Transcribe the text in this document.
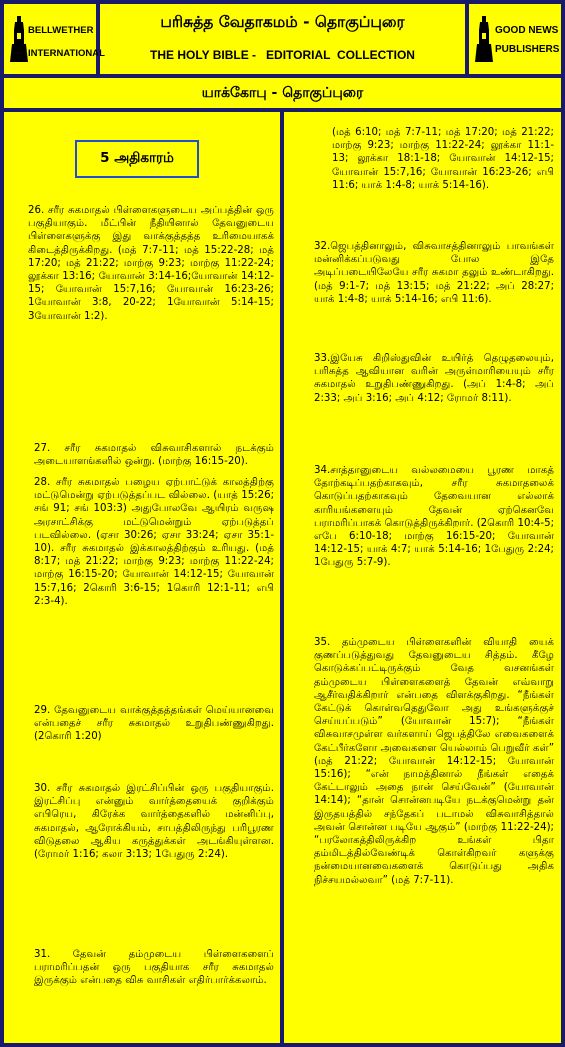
BELLWETHER
INTERNATIONAL
பரிசுத்த வேதாகமம் - தொகுப்புரை
THE HOLY BIBLE -   EDITORIAL  COLLECTION
GOOD NEWS
PUBLISHERS
யாக்கோபு - தொகுப்புரை
5 அதிகாரம்
26. சரீர சுகமாதல் பிள்ளைகளுடைய அப்பத்தின் ஒரு பகுதியாகும். மீட்பின் நீதியினால் தேவனுடைய பிள்ளைகளுக்கு இது வாக்குத்தத்த உரிமையாகக் கிடைத்திருக்கிறது. (மத் 7:7-11; மத் 15:22-28; மத் 17:20; மத் 21:22; மாற்கு 9:23; மாற்கு 11:22-24; லூக்கா 13:16; யோவான் 3:14-16;யோவான் 14:12-15; யோவான் 15:7,16; யோவான் 16:23-26; 1யோவான் 3:8, 20-22; 1யோவான் 5:14-15; 3யோவான் 1:2).
27. சரீர சுகமாதல் விசுவாசிகளால் நடக்கும் அடையாளங்களில் ஒன்று. (மாற்கு 16:15-20).
28. சரீர சுகமாதல் பழைய ஏற்பாட்டுக் காலத்திற்கு மட்டுமென்று ஏற்படுத்தப்பட வில்லை. (யாத் 15:26; சங் 91; சங் 103:3) அதுபோலவே ஆயிரம் வருஷ அரசாட்சிக்கு மட்டுமென்றும் ஏற்படுத்தப் படவில்லை. (ஏசா 30:26; ஏசா 33:24; ஏசா 35:1-10). சரீர சுகமாதல் இக்காலத்திற்கும் உரியது. (மத் 8:17; மத் 21:22; மாற்கு 9:23; மாற்கு 11:22-24; மாற்கு 16:15-20; யோவான் 14:12-15; யோவான் 15:7,16; 2கொரி 3:6-15; 1கொரி 12:1-11; எபி 2:3-4).
29. தேவனுடைய வாக்குத்தத்தங்கள் மெய்யானவை என்பதைச் சரீர சுகமாதல் உறுதிபண்ணுகிறது. (2கொரி 1:20)
30. சரீர சுகமாதல் இரட்சிப்பின் ஒரு பகுதியாகும். இரட்சிப்பு என்னும் வார்த்தையைக் குறிக்கும் எபிரெய, கிரேக்க வார்த்தைகளில் மன்னிப்பு, சுகமாதல், ஆரோக்கியம், சாபத்திலிருந்து பரிபூரண விடுதலை ஆகிய கருத்துக்கள் அடங்கியுள்ளன. (ரோமர் 1:16; கலா 3:13; 1பேதுரு 2:24).
31. தேவன் தம்முடைய பிள்ளைகளைப் பராமரிப்பதன் ஒரு பகுதியாக சரீர சுகமாதல் இருக்கும் என்பதை விசு வாசிகள் எதிர்பார்க்கலாம்.
(மத் 6:10; மத் 7:7-11; மத் 17:20; மத் 21:22; மாற்கு 9:23; மாற்கு 11:22-24; லூக்கா 11:1-13; லூக்கா 18:1-18; யோவான் 14:12-15; யோவான் 15:7,16; யோவான் 16:23-26; எபி 11:6; யாக் 1:4-8; யாக் 5:14-16).
32.ஜெபத்தினாலும், விசுவாசத்தினாலும் பாவங்கள் மன்னிக்கப்படுவது போல இதே அடிப்படையிலேயே சரீர சுகமா தலும் உண்டாகிறது. (மத் 9:1-7; மத் 13:15; மத் 21:22; அப் 28:27; யாக் 1:4-8; யாக் 5:14-16; எபி 11:6).
33.இயேசு கிறிஸ்துவின் உயிர்த் தெழுதலையும், பரிசுத்த ஆவியான வரின் அருள்மாரியையும் சரீர சுகமாதல் உறுதிபண்ணுகிறது. (அப் 1:4-8; அப் 2:33; அப் 3:16; அப் 4:12; ரோமர் 8:11).
34.சாத்தானுடைய வல்லமையை பூரண மாகத் தோற்கடிப்பதற்காகவும், சரீர சுகமாதலைக் கொடுப்பதற்காகவும் தேவையான எல்லாக் காரியங்களையும் தேவன் ஏற்கெனவே பராமரிப்பாகக் கொடுத்திருக்கிறார். (2கொரி 10:4-5; எபே 6:10-18; மாற்கு 16:15-20; யோவான் 14:12-15; யாக் 4:7; யாக் 5:14-16; 1பேதுரு 2:24; 1பேதுரு 5:7-9).
35. தம்முடைய பிள்ளைகளின் வியாதி யைக் குணப்படுத்துவது தேவனுடைய சித்தம். கீழே கொடுக்கப்பட்டிருக்கும் வேத வசனங்கள் தம்முடைய பிள்ளைகளைத் தேவன் எவ்வாறு ஆசீர்வதிக்கிறார் என்பதை விளக்குகிறது. “நீங்கள் கேட்டுக் கொள்வதெதுவோ அது உங்களுக்குச் செய்யப்படும்” (யோவான் 15:7); “நீங்கள் விசுவாசமுள்ள வர்களாய் ஜெபத்திலே எவைகளைக் கேட்பீர்களோ அவைகளை யெல்லாம் பெறுவீர் கள்” (மத் 21:22; யோவான் 14:12-15; யோவான் 15:16); “என் நாமத்தினால் நீங்கள் எதைக் கேட்டாலும் அதை நான் செய்வேன்” (யோவான் 14:14); “தான் சொன்னபடியே நடக்குமென்று தன் இருதயத்தில் சந்தேகப் படாமல் விசுவாசித்தால் அவன் சொன்ன படியே ஆகும்” (மாற்கு 11:22-24); “பரலோகத்திலிருக்கிற உங்கள் பிதா தம்மிடத்தில்வேண்டிக் கொள்கிறவர் களுக்கு நன்மையானவைகளைக் கொடுப்பது அதிக நிச்சயமல்லவா” (மத் 7:7-11).
